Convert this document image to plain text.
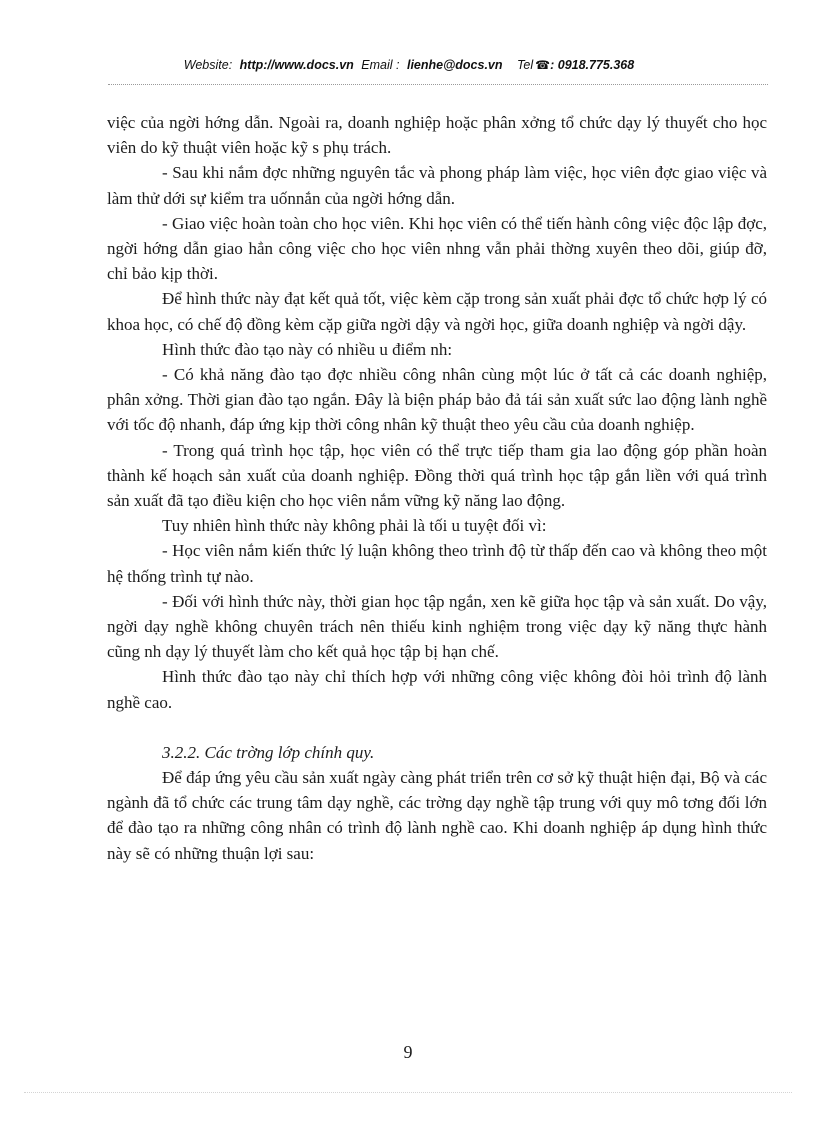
Website: http://www.docs.vn Email : lienhe@docs.vn Tel ☎: 0918.775.368

việc của ngời hớng dẫn. Ngoài ra, doanh nghiệp hoặc phân xởng tổ chức dạy lý thuyết cho học viên do kỹ thuật viên hoặc kỹ s phụ trách.

- Sau khi nắm đợc những nguyên tắc và phong pháp làm việc, học viên đợc giao việc và làm thử dới sự kiểm tra uốnnắn của ngời hớng dẫn.

- Giao việc hoàn toàn cho học viên. Khi học viên có thể tiến hành công việc độc lập đợc, ngời hớng dẫn giao hẳn công việc cho học viên nhng vẫn phải thờng xuyên theo dõi, giúp đỡ, chỉ bảo kịp thời.

Để hình thức này đạt kết quả tốt, việc kèm cặp trong sản xuất phải đợc tổ chức hợp lý có khoa học, có chế độ đồng kèm cặp giữa ngời dậy và ngời học, giữa doanh nghiệp và ngời dậy.

Hình thức đào tạo này có nhiều u điểm nh:

- Có khả năng đào tạo đợc nhiều công nhân cùng một lúc ở tất cả các doanh nghiệp, phân xởng. Thời gian đào tạo ngắn. Đây là biện pháp bảo đả tái sản xuất sức lao động lành nghề với tốc độ nhanh, đáp ứng kịp thời công nhân kỹ thuật theo yêu cầu của doanh nghiệp.

- Trong quá trình học tập, học viên có thể trực tiếp tham gia lao động góp phần hoàn thành kế hoạch sản xuất của doanh nghiệp. Đồng thời quá trình học tập gắn liền với quá trình sản xuất đã tạo điều kiện cho học viên nắm vững kỹ năng lao động.

Tuy nhiên hình thức này không phải là tối u tuyệt đối vì:

- Học viên nắm kiến thức lý luận không theo trình độ từ thấp đến cao và không theo một hệ thống trình tự nào.

- Đối với hình thức này, thời gian học tập ngắn, xen kẽ giữa học tập và sản xuất. Do vậy, ngời dạy nghề không chuyên trách nên thiếu kinh nghiệm trong việc dạy kỹ năng thực hành cũng nh dạy lý thuyết làm cho kết quả học tập bị hạn chế.

Hình thức đào tạo này chỉ thích hợp với những công việc không đòi hỏi trình độ lành nghề cao.

3.2.2. Các trờng lớp chính quy.

Để đáp ứng yêu cầu sản xuất ngày càng phát triển trên cơ sở kỹ thuật hiện đại, Bộ và các ngành đã tổ chức các trung tâm dạy nghề, các trờng dạy nghề tập trung với quy mô tơng đối lớn để đào tạo ra những công nhân có trình độ lành nghề cao. Khi doanh nghiệp áp dụng hình thức này sẽ có những thuận lợi sau:

9
